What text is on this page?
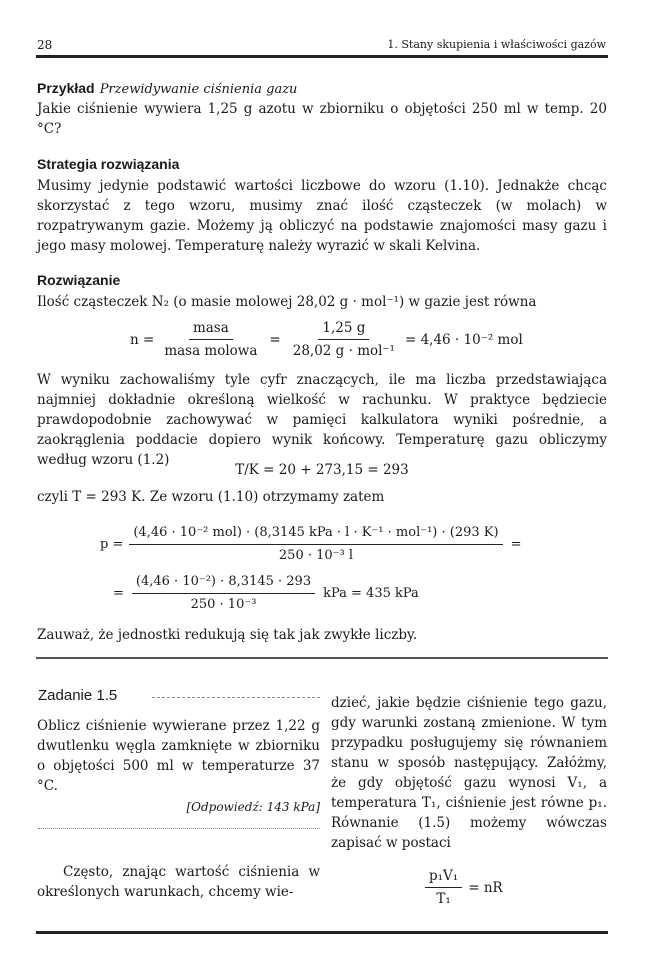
28	1. Stany skupienia i właściwości gazów
Przykład Przewidywanie ciśnienia gazu
Jakie ciśnienie wywiera 1,25 g azotu w zbiorniku o objętości 250 ml w temp. 20 °C?
Strategia rozwiązania
Musimy jedynie podstawić wartości liczbowe do wzoru (1.10). Jednakże chcąc skorzystać z tego wzoru, musimy znać ilość cząsteczek (w molach) w rozpatrywanym gazie. Możemy ją obliczyć na podstawie znajomości masy gazu i jego masy molowej. Temperaturę należy wyrazić w skali Kelvina.
Rozwiązanie
Ilość cząsteczek N₂ (o masie molowej 28,02 g · mol⁻¹) w gazie jest równa
$n = \frac{\text{masa}}{\text{masa molowa}} = \frac{1,25 g}{\text{28,02 g · mol⁻¹}} = 4,46 \cdot 10^{-2}$ mol
W wyniku zachowaliśmy tyle cyfr znaczących, ile ma liczba przedstawiająca najmniej dokładnie określoną wielkość w rachunku. W praktyce będziecie prawdopodobnie zachowywać w pamięci kalkulatora wyniki pośrednie, a zaokrąglenia poddacie dopiero wynik końcowy. Temperaturę gazu obliczymy według wzoru (1.2)
T/K = 20 + 273,15 = 293
czyli T = 293 K. Ze wzoru (1.10) otrzymamy zatem
$p = \frac{\text{(4,46 · 10⁻² mol) · (8,3145 kPa · l · K⁻¹ · mol⁻¹) · (293 K)}}{\text{250 · 10⁻³ l}}$ =
= $\frac{\text{(4,46 · 10⁻²) · 8,3145 · 293}}{\text{250 · 10⁻³}}$ kPa = 435 kPa
Zauważ, że jednostki redukują się tak jak zwykłe liczby.
Zadanie 1.5
Oblicz ciśnienie wywierane przez 1,22 g dwutlenku węgla zamknięte w zbiorniku o objętości 500 ml w temperaturze 37 °C.
[Odpowiedź: 143 kPa]
Często, znając wartość ciśnienia w określonych warunkach, chcemy wie-
dzieć, jakie będzie ciśnienie tego gazu, gdy warunki zostaną zmienione. W tym przypadku posługujemy się równaniem stanu w sposób następujący. Załóżmy, że gdy objętość gazu wynosi V₁, a temperatura T₁, ciśnienie jest równe p₁. Równanie (1.5) możemy wówczas zapisać w postaci
$\frac{\text{p₁V₁}}{\text{T₁}}$ = nR
